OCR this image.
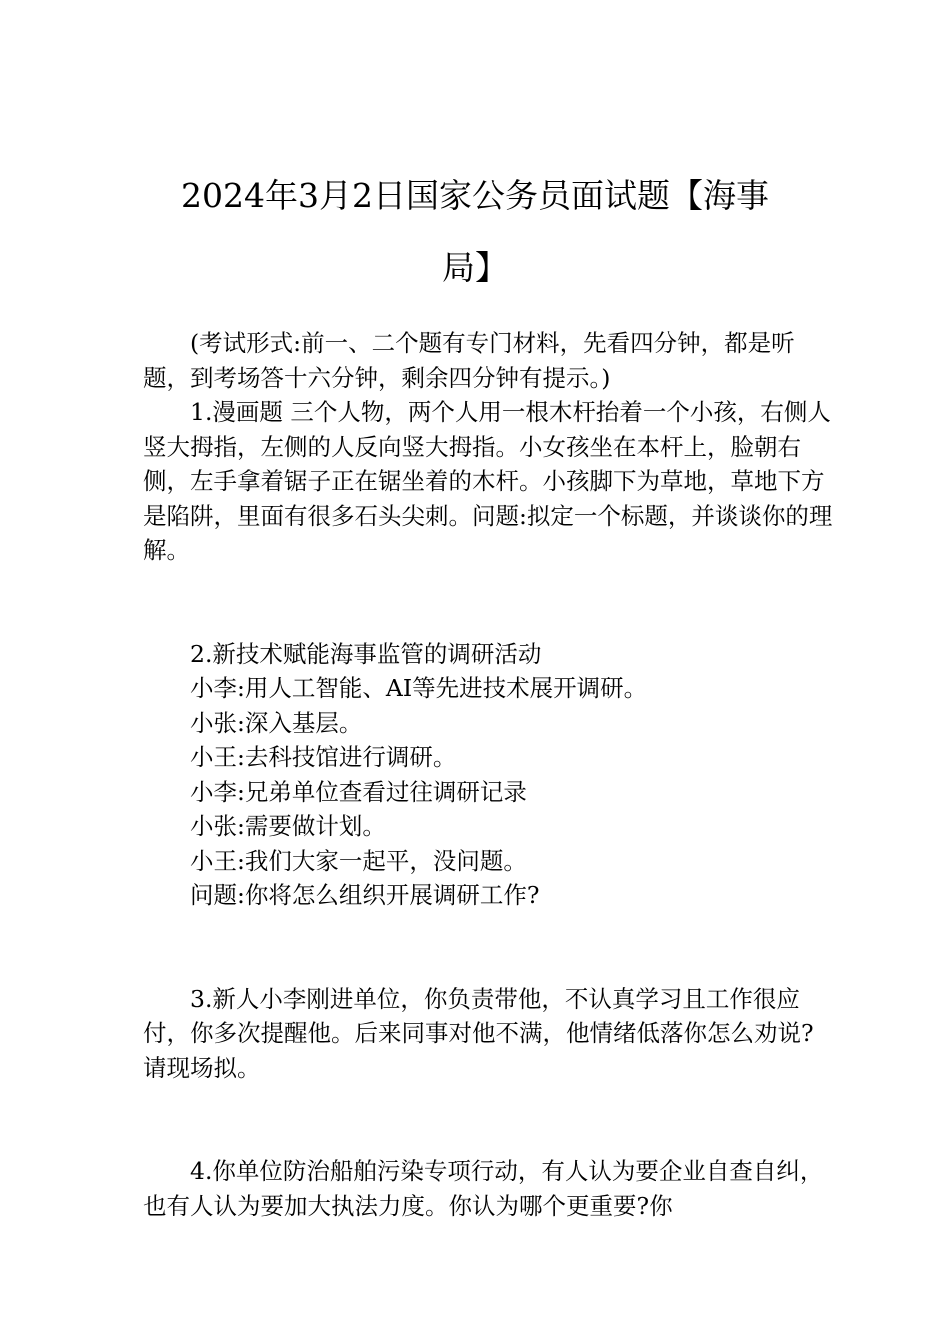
2024年3月2日国家公务员面试题【海事
局】

(考试形式:前一、二个题有专门材料，先看四分钟，都是听题，到考场答十六分钟，剩余四分钟有提示。)

1.漫画题 三个人物，两个人用一根木杆抬着一个小孩，右侧人竖大拇指，左侧的人反向竖大拇指。小女孩坐在本杆上，脸朝右侧，左手拿着锯子正在锯坐着的木杆。小孩脚下为草地，草地下方是陷阱，里面有很多石头尖刺。问题:拟定一个标题，并谈谈你的理解。

2.新技术赋能海事监管的调研活动

小李:用人工智能、AI等先进技术展开调研。

小张:深入基层。

小王:去科技馆进行调研。

小李:兄弟单位查看过往调研记录

小张:需要做计划。

小王:我们大家一起平，没问题。

问题:你将怎么组织开展调研工作?

3.新人小李刚进单位，你负责带他，不认真学习且工作很应付，你多次提醒他。后来同事对他不满，他情绪低落你怎么劝说?请现场拟。

4.你单位防治船舶污染专项行动，有人认为要企业自查自纠，也有人认为要加大执法力度。你认为哪个更重要?你
